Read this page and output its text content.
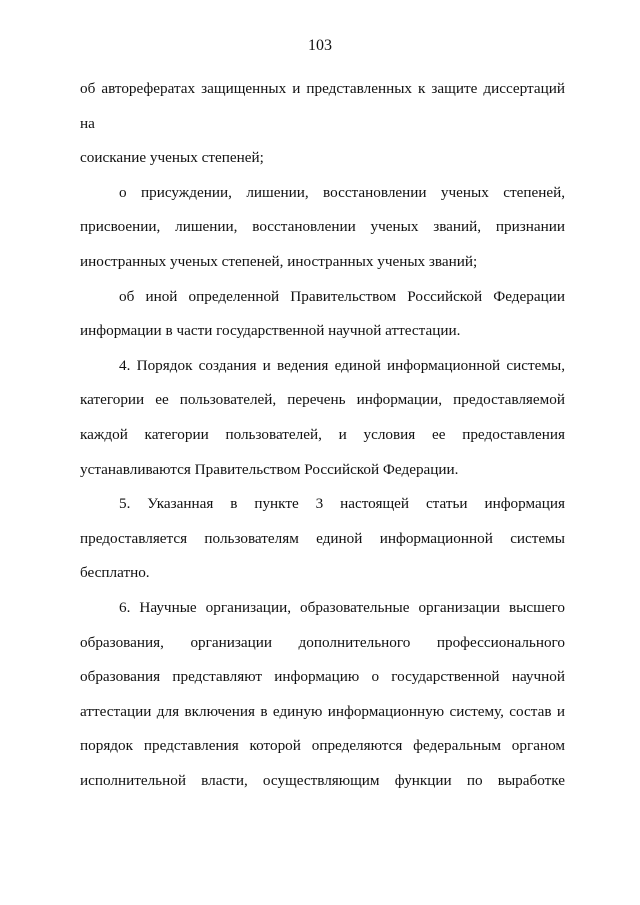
103

об авторефератах защищенных и представленных к защите диссертаций на
соискание ученых степеней;

о присуждении, лишении, восстановлении ученых степеней,
присвоении, лишении, восстановлении ученых званий, признании
иностранных ученых степеней, иностранных ученых званий;

об иной определенной Правительством Российской Федерации
информации в части государственной научной аттестации.

4. Порядок создания и ведения единой информационной системы,
категории ее пользователей, перечень информации, предоставляемой
каждой категории пользователей, и условия ее предоставления
устанавливаются Правительством Российской Федерации.

5. Указанная в пункте 3 настоящей статьи информация
предоставляется пользователям единой информационной системы
бесплатно.

6. Научные организации, образовательные организации высшего
образования, организации дополнительного профессионального
образования представляют информацию о государственной научной
аттестации для включения в единую информационную систему, состав и
порядок представления которой определяются федеральным органом
исполнительной власти, осуществляющим функции по выработке
